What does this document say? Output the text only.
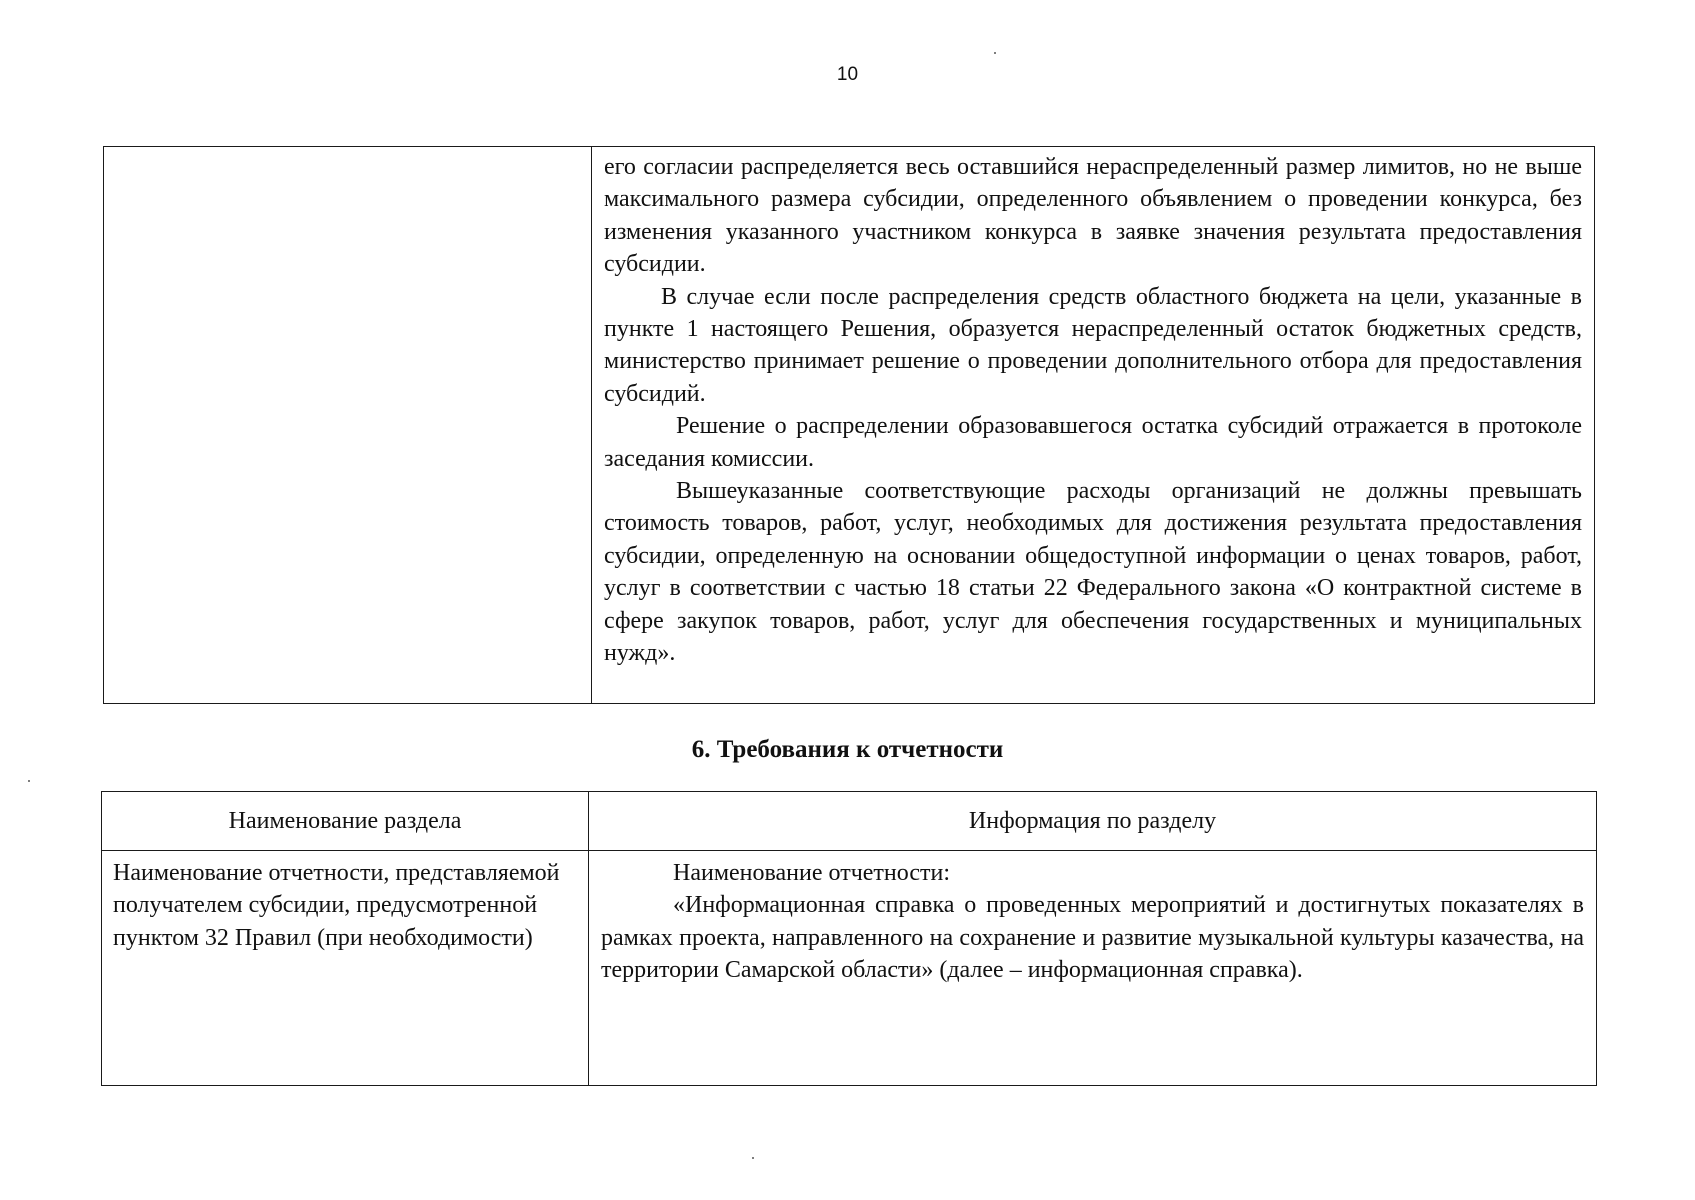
10

его согласии распределяется весь оставшийся нераспределенный размер лимитов, но не выше максимального размера субсидии, определенного объявлением о проведении конкурса, без изменения указанного участником конкурса в заявке значения результата предоставления субсидии.

В случае если после распределения средств областного бюджета на цели, указанные в пункте 1 настоящего Решения, образуется нераспределенный остаток бюджетных средств, министерство принимает решение о проведении дополнительного отбора для предоставления субсидий.

Решение о распределении образовавшегося остатка субсидий отражается в протоколе заседания комиссии.

Вышеуказанные соответствующие расходы организаций не должны превышать стоимость товаров, работ, услуг, необходимых для достижения результата предоставления субсидии, определенную на основании общедоступной информации о ценах товаров, работ, услуг в соответствии с частью 18 статьи 22 Федерального закона «О контрактной системе в сфере закупок товаров, работ, услуг для обеспечения государственных и муниципальных нужд».

6. Требования к отчетности
Наименование раздела	Информация по разделу

Наименование отчетности, представляемой получателем субсидии, предусмотренной пунктом 32 Правил (при необходимости)	Наименование отчетности:

«Информационная справка о проведенных мероприятий и достигнутых показателях в рамках проекта, направленного на сохранение и развитие музыкальной культуры казачества, на территории Самарской области» (далее – информационная справка).
